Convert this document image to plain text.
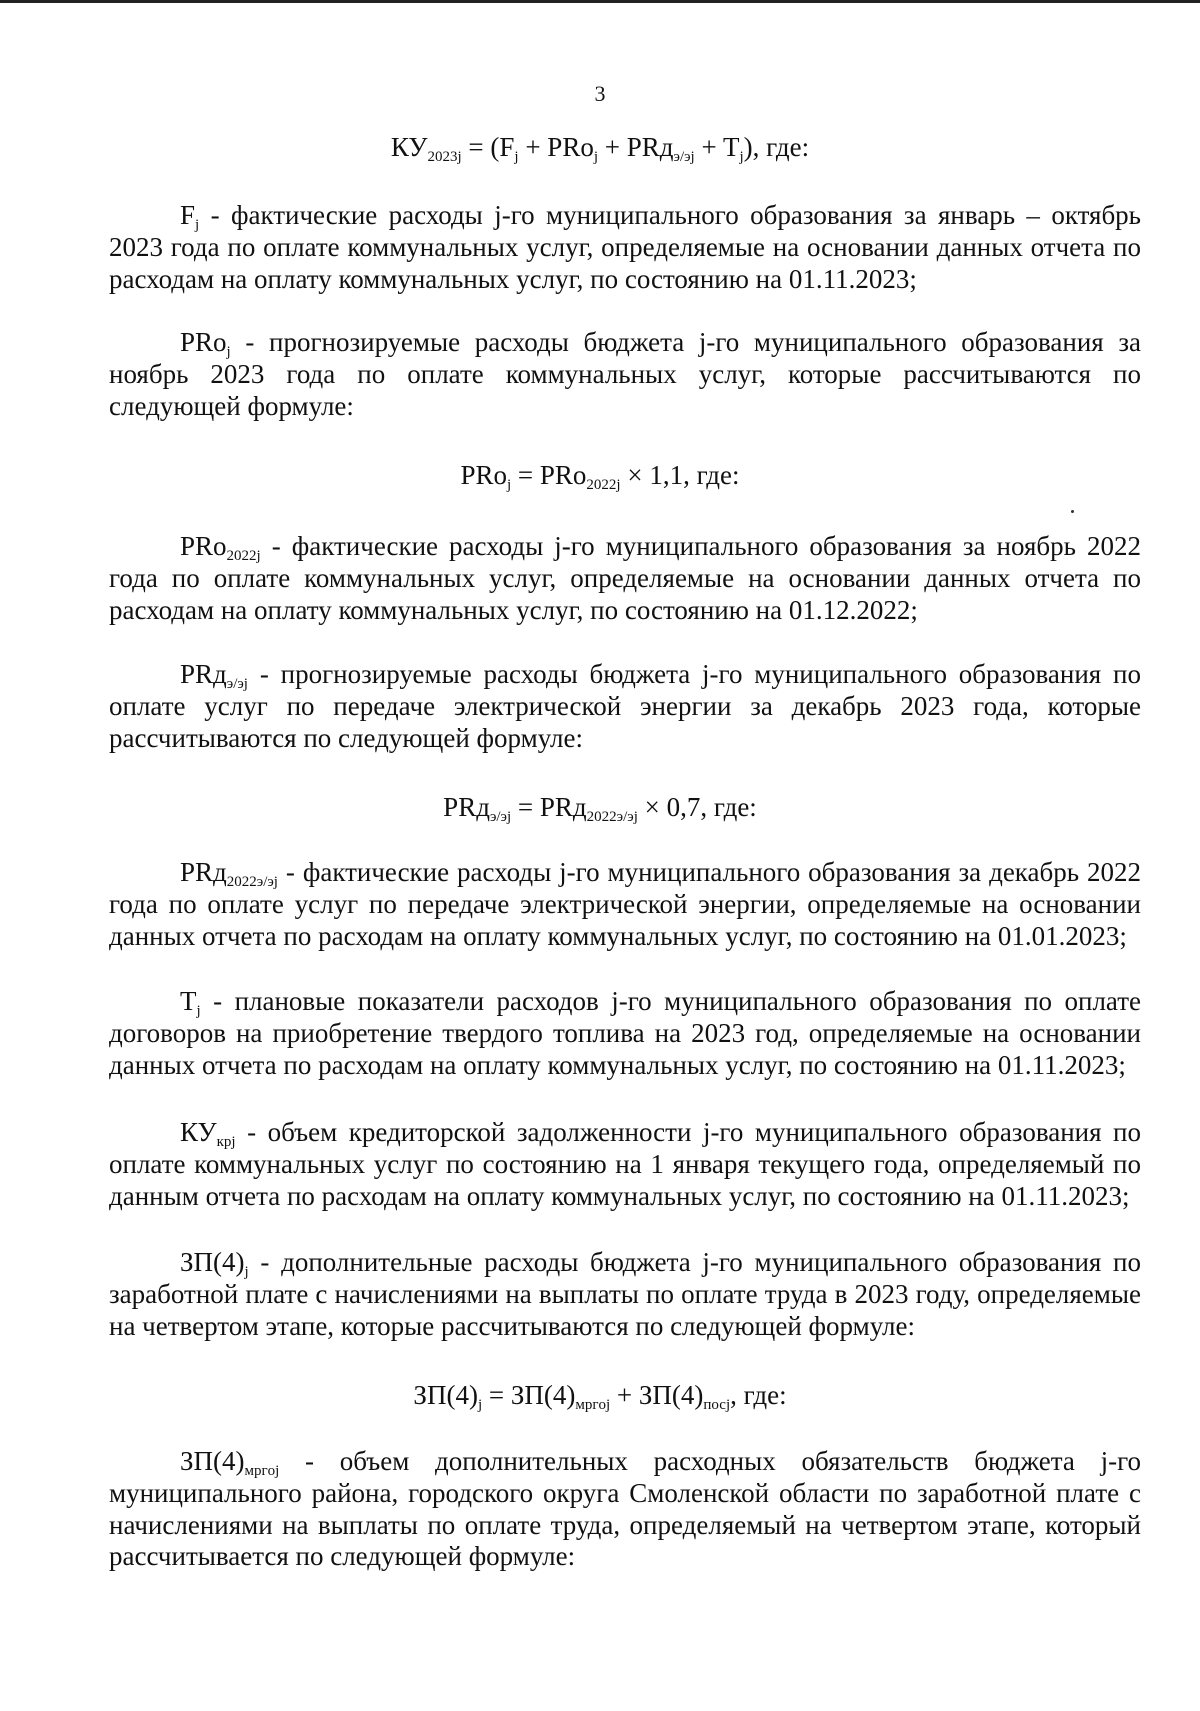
3
$КУ_{2023j} = (F_j + PRo_j + PRд_{э/эj} + T_j)$, где:

$F_j$ - фактические расходы j-го муниципального образования за январь – октябрь 2023 года по оплате коммунальных услуг, определяемые на основании данных отчета по расходам на оплату коммунальных услуг, по состоянию на 01.11.2023;

PRo$_j$ - прогнозируемые расходы бюджета j-го муниципального образования за ноябрь 2023 года по оплате коммунальных услуг, которые рассчитываются по следующей формуле:

PRo$_j$ = PRo$_{2022j}$ × 1,1, где:

PRo$_{2022j}$ - фактические расходы j-го муниципального образования за ноябрь 2022 года по оплате коммунальных услуг, определяемые на основании данных отчета по расходам на оплату коммунальных услуг, по состоянию на 01.12.2022;

PRд$_{э/эj}$ - прогнозируемые расходы бюджета j-го муниципального образования по оплате услуг по передаче электрической энергии за декабрь 2023 года, которые рассчитываются по следующей формуле:

PRд$_{э/эj}$ = PRд$_{2022э/эj}$ × 0,7, где:

PRд$_{2022э/эj}$ - фактические расходы j-го муниципального образования за декабрь 2022 года по оплате услуг по передаче электрической энергии, определяемые на основании данных отчета по расходам на оплату коммунальных услуг, по состоянию на 01.01.2023;

$T_j$ - плановые показатели расходов j-го муниципального образования по оплате договоров на приобретение твердого топлива на 2023 год, определяемые на основании данных отчета по расходам на оплату коммунальных услуг, по состоянию на 01.11.2023;

$КУ_{крj}$ - объем кредиторской задолженности j-го муниципального образования по оплате коммунальных услуг по состоянию на 1 января текущего года, определяемый по данным отчета по расходам на оплату коммунальных услуг, по состоянию на 01.11.2023;

$ЗП(4)_j$ - дополнительные расходы бюджета j-го муниципального образования по заработной плате с начислениями на выплаты по оплате труда в 2023 году, определяемые на четвертом этапе, которые рассчитываются по следующей формуле:

$ЗП(4)_j = ЗП(4)_{мpгoj} + ЗП(4)_{посj}$, где:

$ЗП(4)_{мpгoj}$ - объем дополнительных расходных обязательств бюджета j-го муниципального района, городского округа Смоленской области по заработной плате с начислениями на выплаты по оплате труда, определяемый на четвертом этапе, который рассчитывается по следующей формуле:
